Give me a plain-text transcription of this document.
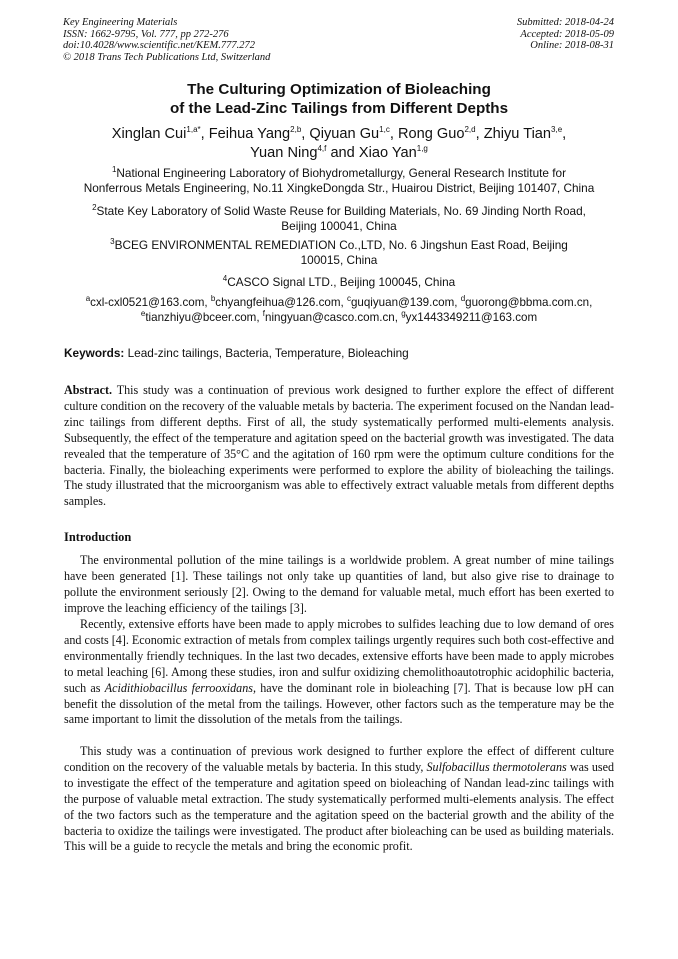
Key Engineering Materials
ISSN: 1662-9795, Vol. 777, pp 272-276
doi:10.4028/www.scientific.net/KEM.777.272
© 2018 Trans Tech Publications Ltd, Switzerland
Submitted: 2018-04-24
Accepted: 2018-05-09
Online: 2018-08-31
The Culturing Optimization of Bioleaching
of the Lead-Zinc Tailings from Different Depths
Xinglan Cui$^{1,a*}$, Feihua Yang$^{2,b}$, Qiyuan Gu$^{1,c}$, Rong Guo$^{2,d}$, Zhiyu Tian$^{3,e}$,
Yuan Ning$^{4,f}$ and Xiao Yan$^{1,g}$
$^1$National Engineering Laboratory of Biohydrometallurgy, General Research Institute for
Nonferrous Metals Engineering, No.11 XingkeDongda Str., Huairou District, Beijing 101407, China
$^2$State Key Laboratory of Solid Waste Reuse for Building Materials, No. 69 Jinding North Road,
Beijing 100041, China
$^3$BCEG ENVIRONMENTAL REMEDIATION Co.,LTD, No. 6 Jingshun East Road, Beijing
100015, China
$^4$CASCO Signal LTD., Beijing 100045, China
$^a$cxl-cxl0521@163.com, $^b$chyangfeihua@126.com, $^c$guqiyuan@139.com, $^d$guorong@bbma.com.cn,
$^e$tianzhiyu@bceer.com, $^f$ningyuan@casco.com.cn, $^g$yx1443349211@163.com
Keywords: Lead-zinc tailings, Bacteria, Temperature, Bioleaching

Abstract. This study was a continuation of previous work designed to further explore the effect of different culture condition on the recovery of the valuable metals by bacteria. The experiment focused on the Nandan lead-zinc tailings from different depths. First of all, the study systematically performed multi-elements analysis. Subsequently, the effect of the temperature and agitation speed on the bacterial growth was investigated. The data revealed that the temperature of 35°C and the agitation of 160 rpm were the optimum culture conditions for the bacteria. Finally, the bioleaching experiments were performed to explore the ability of bioleaching the tailings. The study illustrated that the microorganism was able to effectively extract valuable metals from different depths samples.

Introduction

The environmental pollution of the mine tailings is a worldwide problem. A great number of mine tailings have been generated [1]. These tailings not only take up quantities of land, but also give rise to drainage to pollute the environment seriously [2]. Owing to the demand for valuable metal, much effort has been exerted to improve the leaching efficiency of the tailings [3].

Recently, extensive efforts have been made to apply microbes to sulfides leaching due to low demand of ores and costs [4]. Economic extraction of metals from complex tailings urgently requires such both cost-effective and environmentally friendly techniques. In the last two decades, extensive efforts have been made to apply microbes to metal leaching [6]. Among these studies, iron and sulfur oxidizing chemolithoautotrophic acidophilic bacteria, such as Acidithiobacillus ferrooxidans, have the dominant role in bioleaching [7]. That is because low pH can benefit the dissolution of the metal from the tailings. However, other factors such as the temperature may be the same important to limit the dissolution of the metals from the tailings.

This study was a continuation of previous work designed to further explore the effect of different culture condition on the recovery of the valuable metals by bacteria. In this study, Sulfobacillus thermotolerans was used to investigate the effect of the temperature and agitation speed on bioleaching of Nandan lead-zinc tailings with the purpose of valuable metal extraction. The study systematically performed multi-elements analysis. The effect of the two factors such as the temperature and the agitation speed on the bacterial growth and the ability of the bacteria to oxidize the tailings were investigated. The product after bioleaching can be used as building materials. This will be a guide to recycle the metals and bring the economic profit.
